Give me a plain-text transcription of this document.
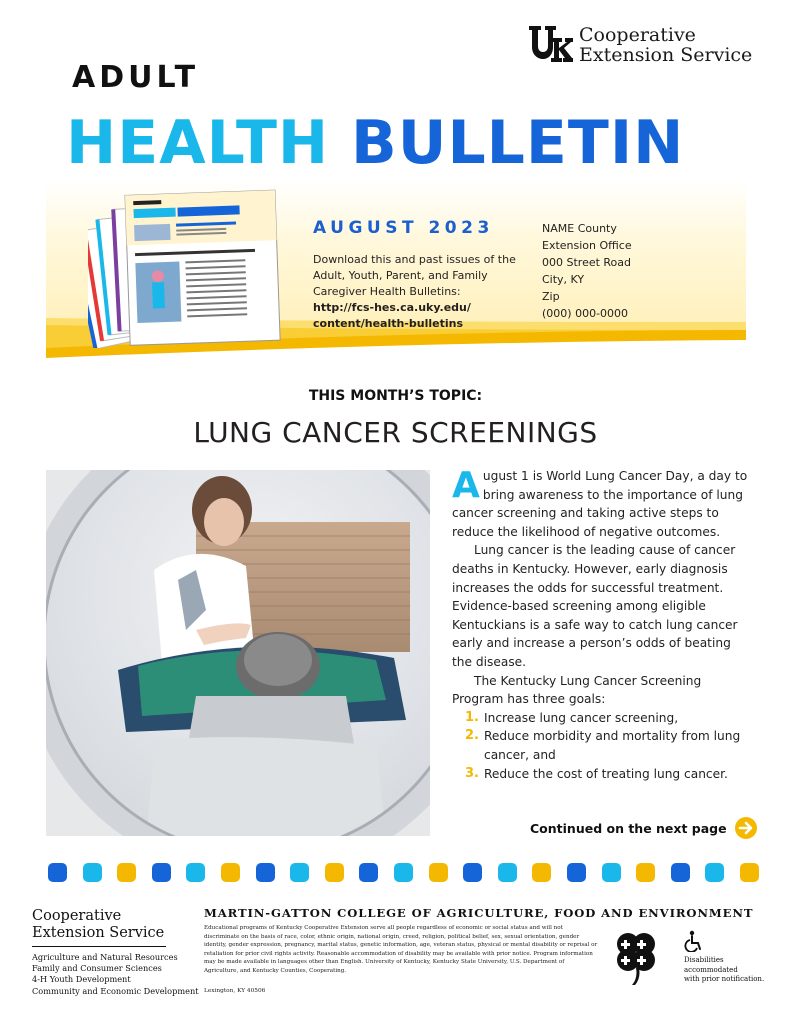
Cooperative
Extension Service
ADULT
HEALTH BULLETIN
AUGUST 2023
Download this and past issues of the Adult, Youth, Parent, and Family Caregiver Health Bulletins:
http://fcs-hes.ca.uky.edu/
content/health-bulletins
NAME County
Extension Office
000 Street Road
City, KY
Zip
(000) 000-0000
THIS MONTH’S TOPIC:
LUNG CANCER SCREENINGS

August 1 is World Lung Cancer Day, a day to bring awareness to the importance of lung cancer screening and taking active steps to reduce the likelihood of negative outcomes.

Lung cancer is the leading cause of cancer deaths in Kentucky. However, early diagnosis increases the odds for successful treatment. Evidence-based screening among eligible Kentuckians is a safe way to catch lung cancer early and increase a person’s odds of beating the disease.

The Kentucky Lung Cancer Screening Program has three goals:

1. Increase lung cancer screening,
2. Reduce morbidity and mortality from lung cancer, and
3. Reduce the cost of treating lung cancer.
Continued on the next page
Cooperative
Extension Service
Agriculture and Natural Resources
Family and Consumer Sciences
4-H Youth Development
Community and Economic Development
MARTIN-GATTON COLLEGE OF AGRICULTURE, FOOD AND ENVIRONMENT
Educational programs of Kentucky Cooperative Extension serve all people regardless of economic or social status and will not discriminate on the basis of race, color, ethnic origin, national origin, creed, religion, political belief, sex, sexual orientation, gender identity, gender expression, pregnancy, marital status, genetic information, age, veteran status, physical or mental disability or reprisal or retaliation for prior civil rights activity. Reasonable accommodation of disability may be available with prior notice. Program information may be made available in languages other than English. University of Kentucky, Kentucky State University, U.S. Department of Agriculture, and Kentucky Counties, Cooperating.
Lexington, KY 40506
Disabilities
accommodated
with prior notification.
